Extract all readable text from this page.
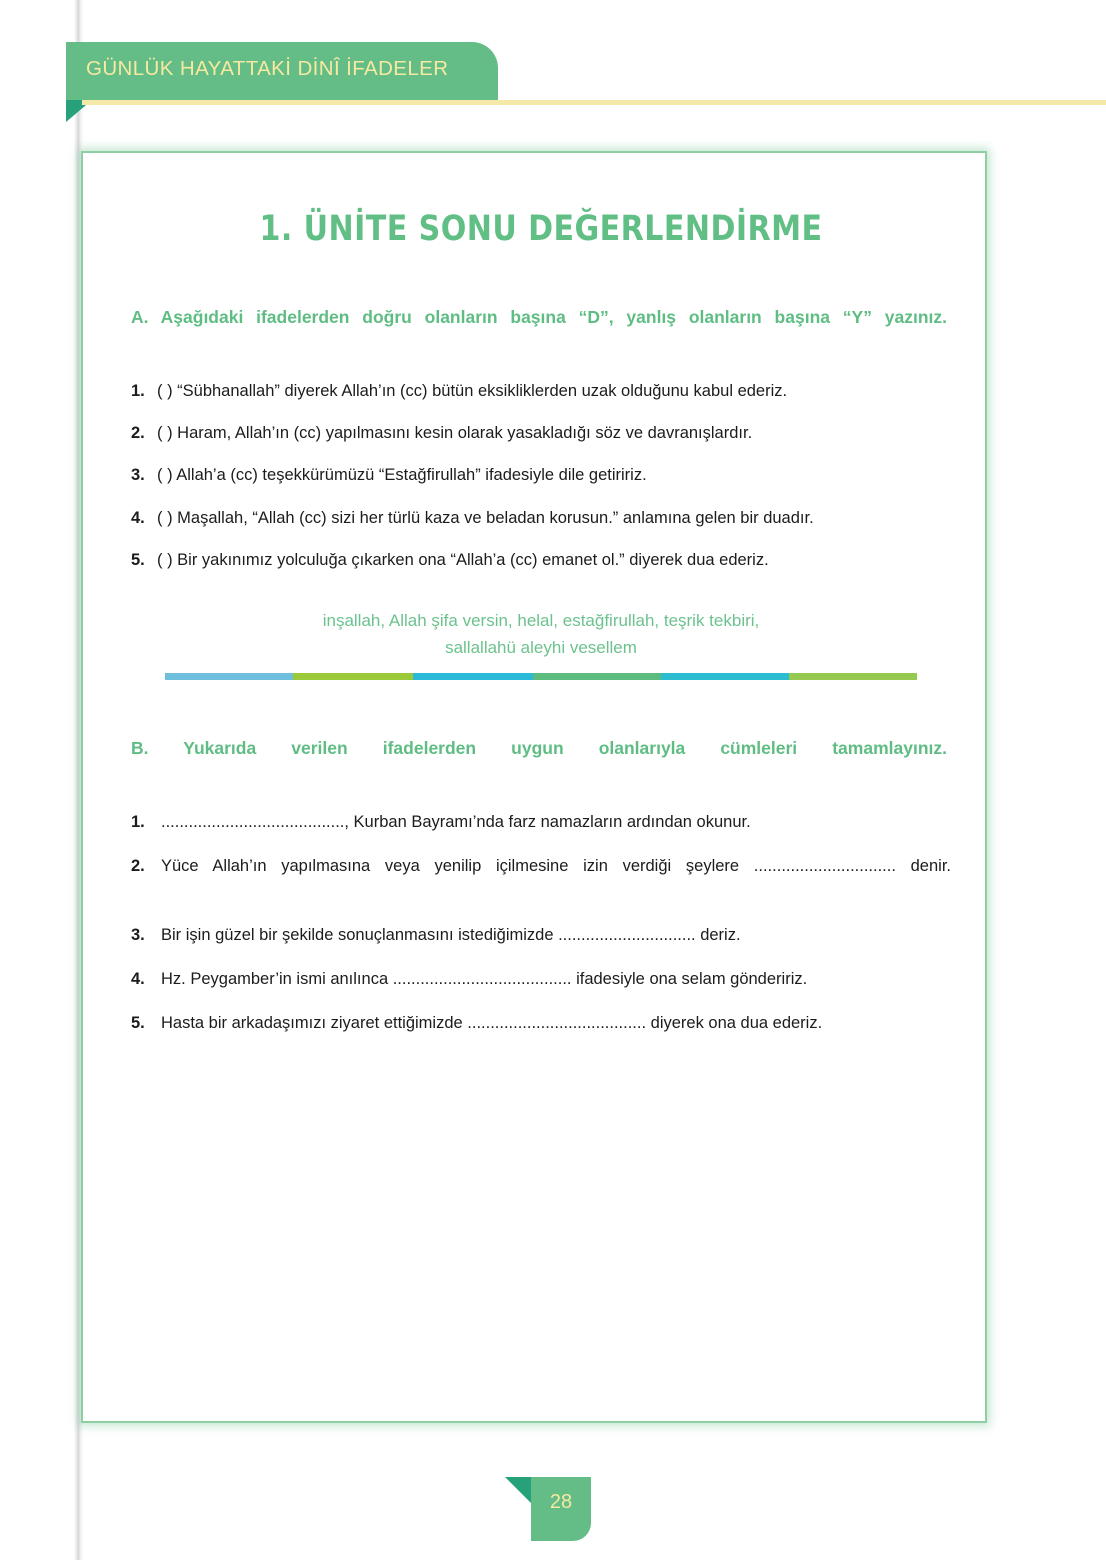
GÜNLÜK HAYATTAKİ DİNÎ İFADELER
1. ÜNİTE SONU DEĞERLENDİRME
A. Aşağıdaki ifadelerden doğru olanların başına “D”, yanlış olanların başına “Y” yazınız.
1. ( ) “Sübhanallah” diyerek Allah’ın (cc) bütün eksikliklerden uzak olduğunu kabul ederiz.
2. ( ) Haram, Allah’ın (cc) yapılmasını kesin olarak yasakladığı söz ve davranışlardır.
3. ( ) Allah’a (cc) teşekkürümüzü “Estağfirullah” ifadesiyle dile getiririz.
4. ( ) Maşallah, “Allah (cc) sizi her türlü kaza ve beladan korusun.” anlamına gelen bir duadır.
5. ( ) Bir yakınımız yolculuğa çıkarken ona “Allah’a (cc) emanet ol.” diyerek dua ederiz.
inşallah, Allah şifa versin, helal, estağfirullah, teşrik tekbiri,
sallallahü aleyhi vesellem
B. Yukarıda verilen ifadelerden uygun olanlarıyla cümleleri tamamlayınız.
1. ........................................, Kurban Bayramı’nda farz namazların ardından okunur.
2. Yüce Allah’ın yapılmasına veya yenilip içilmesine izin verdiği şeylere ............................... denir.
3. Bir işin güzel bir şekilde sonuçlanmasını istediğimizde .............................. deriz.
4. Hz. Peygamber’in ismi anılınca ....................................... ifadesiyle ona selam göndeririz.
5. Hasta bir arkadaşımızı ziyaret ettiğimizde ....................................... diyerek ona dua ederiz.
28
